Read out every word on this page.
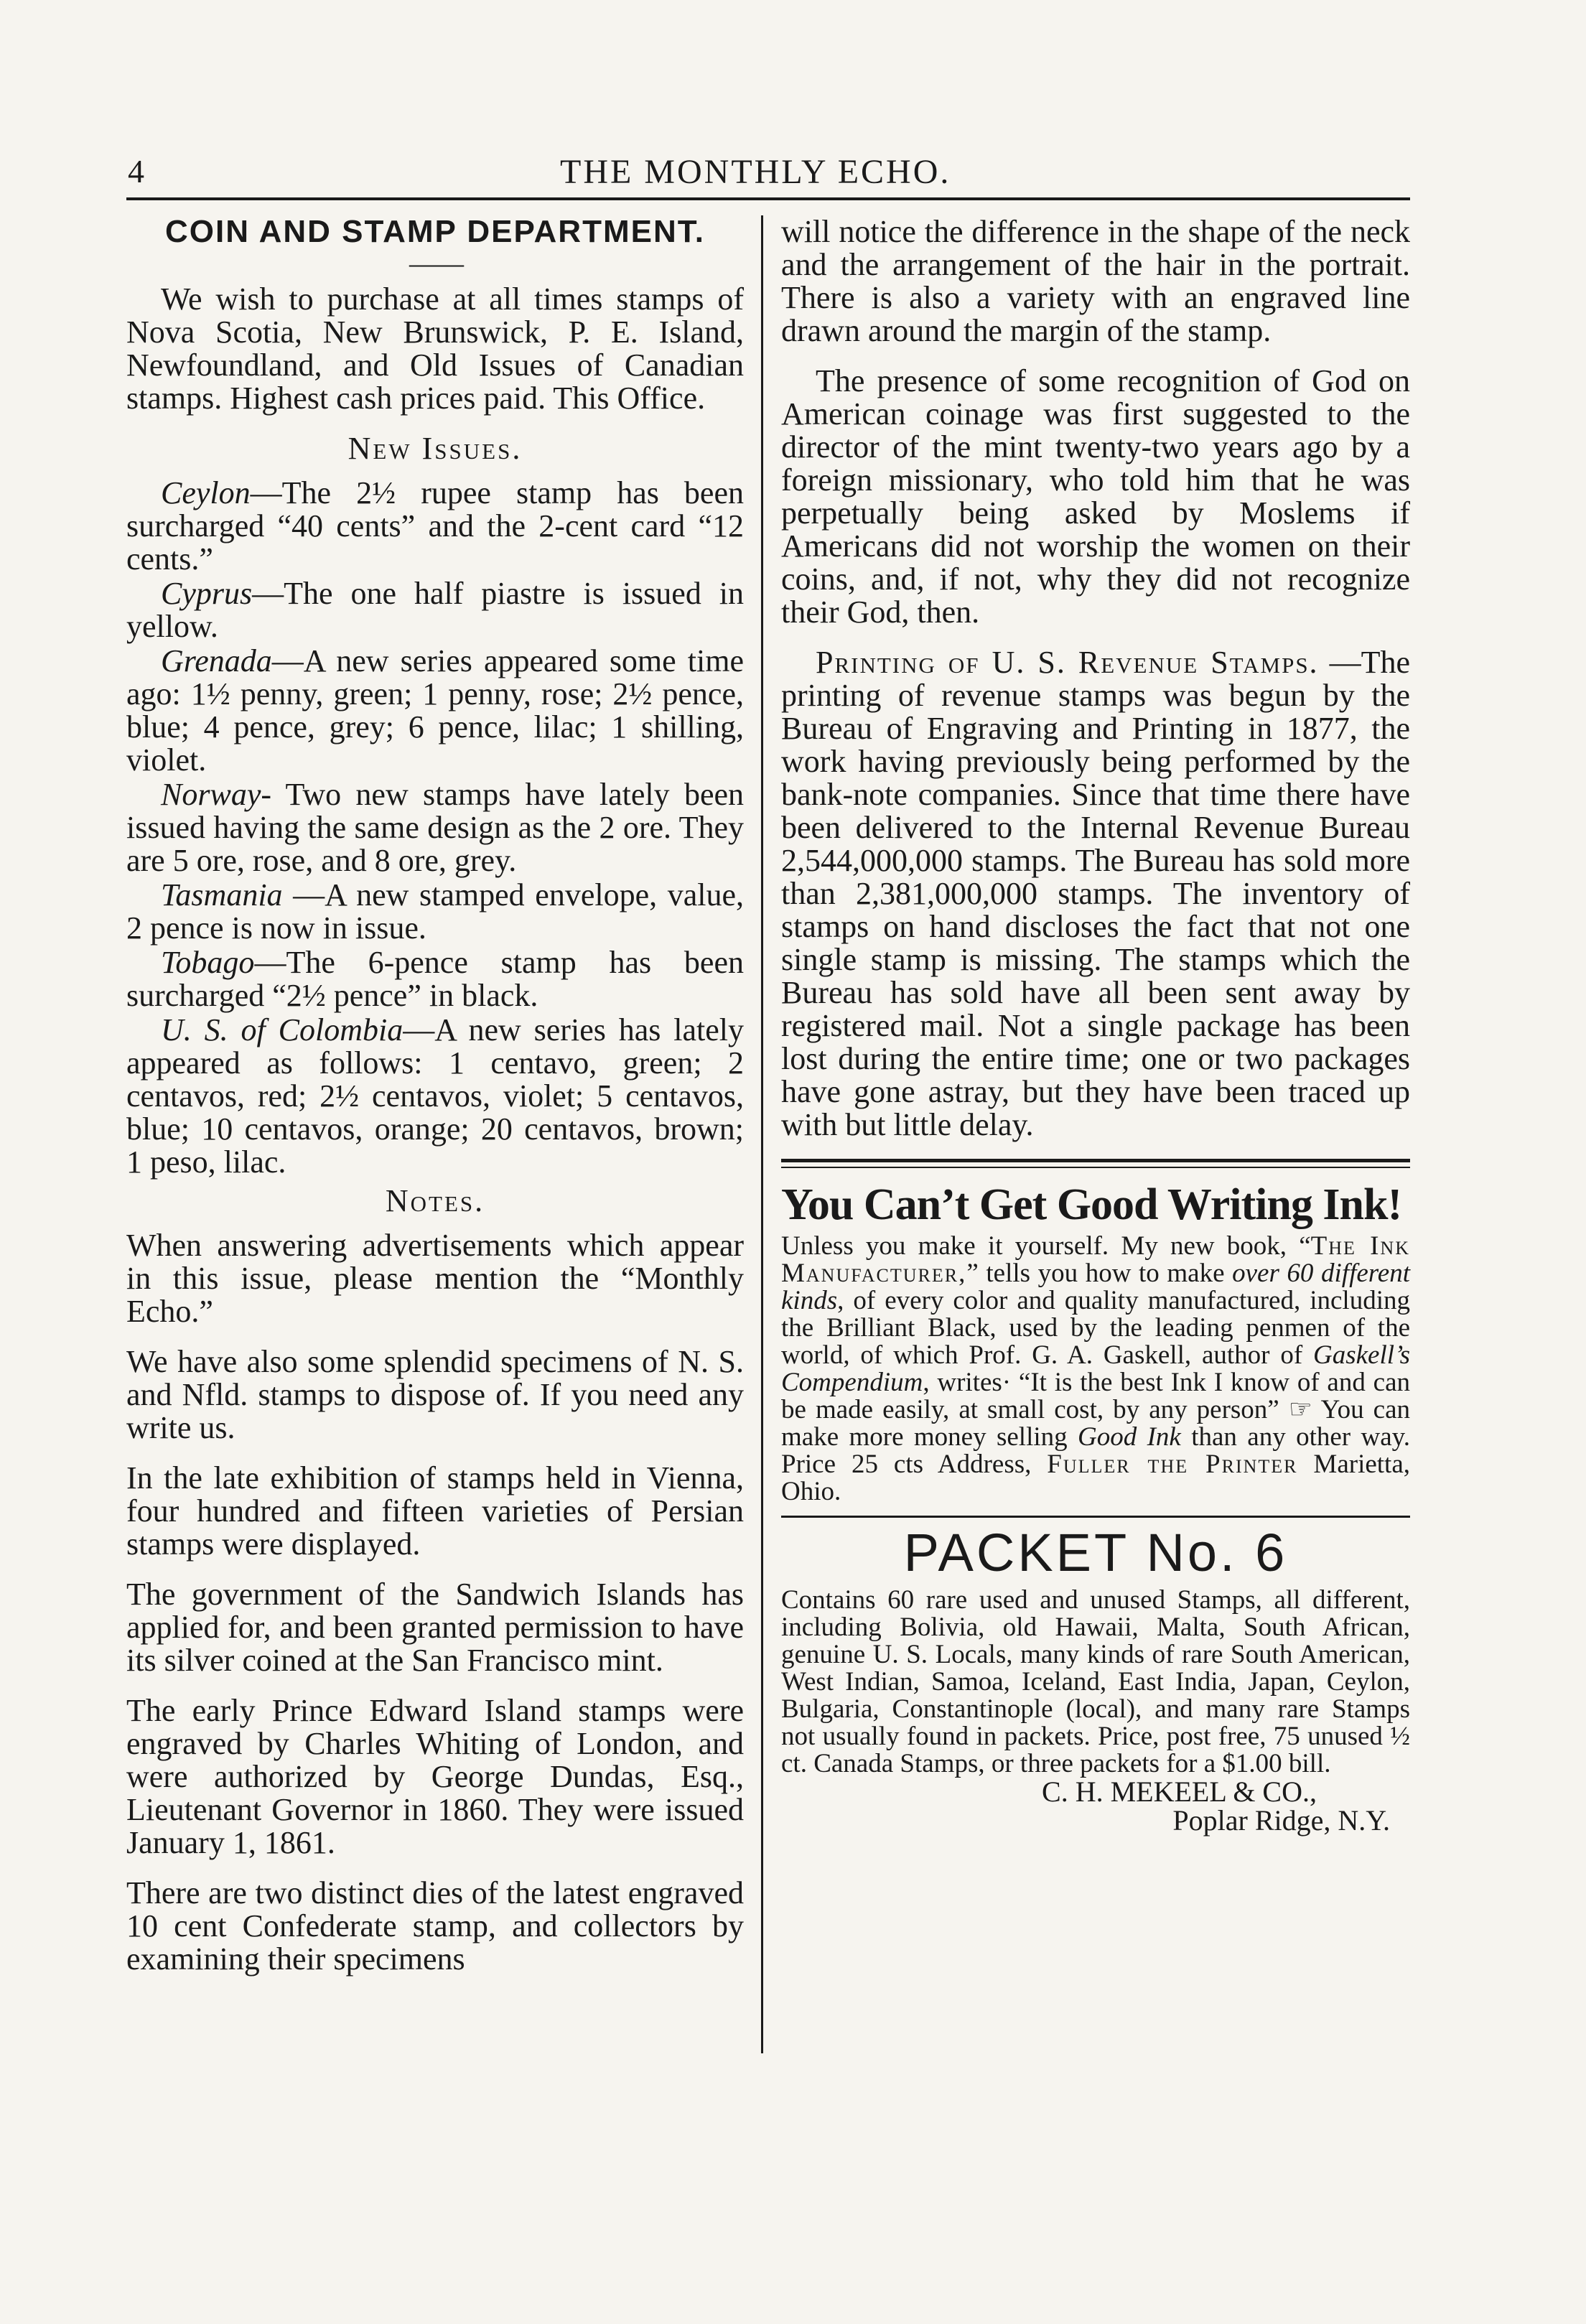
4	THE MONTHLY ECHO.
COIN AND STAMP DEPARTMENT.
——

We wish to purchase at all times stamps of Nova Scotia, New Brunswick, P. E. Island, Newfoundland, and Old Issues of Canadian stamps. Highest cash prices paid. This Office.

New Issues.

Ceylon—The 2½ rupee stamp has been surcharged “40 cents” and the 2-cent card “12 cents.”

Cyprus—The one half piastre is issued in yellow.

Grenada—A new series appeared some time ago: 1½ penny, green; 1 penny, rose; 2½ pence, blue; 4 pence, grey; 6 pence, lilac; 1 shilling, violet.

Norway- Two new stamps have lately been issued having the same design as the 2 ore. They are 5 ore, rose, and 8 ore, grey.

Tasmania —A new stamped envelope, value, 2 pence is now in issue.

Tobago—The 6-pence stamp has been surcharged “2½ pence” in black.

U. S. of Colombia—A new series has lately appeared as follows: 1 centavo, green; 2 centavos, red; 2½ centavos, violet; 5 centavos, blue; 10 centavos, orange; 20 centavos, brown; 1 peso, lilac.

Notes.

When answering advertisements which appear in this issue, please mention the “Monthly Echo.”

We have also some splendid specimens of N. S. and Nfld. stamps to dispose of. If you need any write us.

In the late exhibition of stamps held in Vienna, four hundred and fifteen varieties of Persian stamps were displayed.

The government of the Sandwich Islands has applied for, and been granted permission to have its silver coined at the San Francisco mint.

The early Prince Edward Island stamps were engraved by Charles Whiting of London, and were authorized by George Dundas, Esq., Lieutenant Governor in 1860. They were issued January 1, 1861.

There are two distinct dies of the latest engraved 10 cent Confederate stamp, and collectors by examining their specimens

will notice the difference in the shape of the neck and the arrangement of the hair in the portrait. There is also a variety with an engraved line drawn around the margin of the stamp.

The presence of some recognition of God on American coinage was first suggested to the director of the mint twenty-two years ago by a foreign missionary, who told him that he was perpetually being asked by Moslems if Americans did not worship the women on their coins, and, if not, why they did not recognize their God, then.

Printing of U. S. Revenue Stamps. —The printing of revenue stamps was begun by the Bureau of Engraving and Printing in 1877, the work having previously being performed by the bank-note companies. Since that time there have been delivered to the Internal Revenue Bureau 2,544,000,000 stamps. The Bureau has sold more than 2,381,000,000 stamps. The inventory of stamps on hand discloses the fact that not one single stamp is missing. The stamps which the Bureau has sold have all been sent away by registered mail. Not a single package has been lost during the entire time; one or two packages have gone astray, but they have been traced up with but little delay.

You Can’t Get Good Writing Ink!

Unless you make it yourself. My new book, “The Ink Manufacturer,” tells you how to make over 60 different kinds, of every color and quality manufactured, including the Brilliant Black, used by the leading penmen of the world, of which Prof. G. A. Gaskell, author of Gaskell’s Compendium, writes· “It is the best Ink I know of and can be made easily, at small cost, by any person” ☞ You can make more money selling Good Ink than any other way. Price 25 cts Address, Fuller the Printer Marietta, Ohio.

PACKET No. 6

Contains 60 rare used and unused Stamps, all different, including Bolivia, old Hawaii, Malta, South African, genuine U. S. Locals, many kinds of rare South American, West Indian, Samoa, Iceland, East India, Japan, Ceylon, Bulgaria, Constantinople (local), and many rare Stamps not usually found in packets. Price, post free, 75 unused ½ ct. Canada Stamps, or three packets for a $1.00 bill.

C. H. MEKEEL & CO.,

Poplar Ridge, N.Y.
